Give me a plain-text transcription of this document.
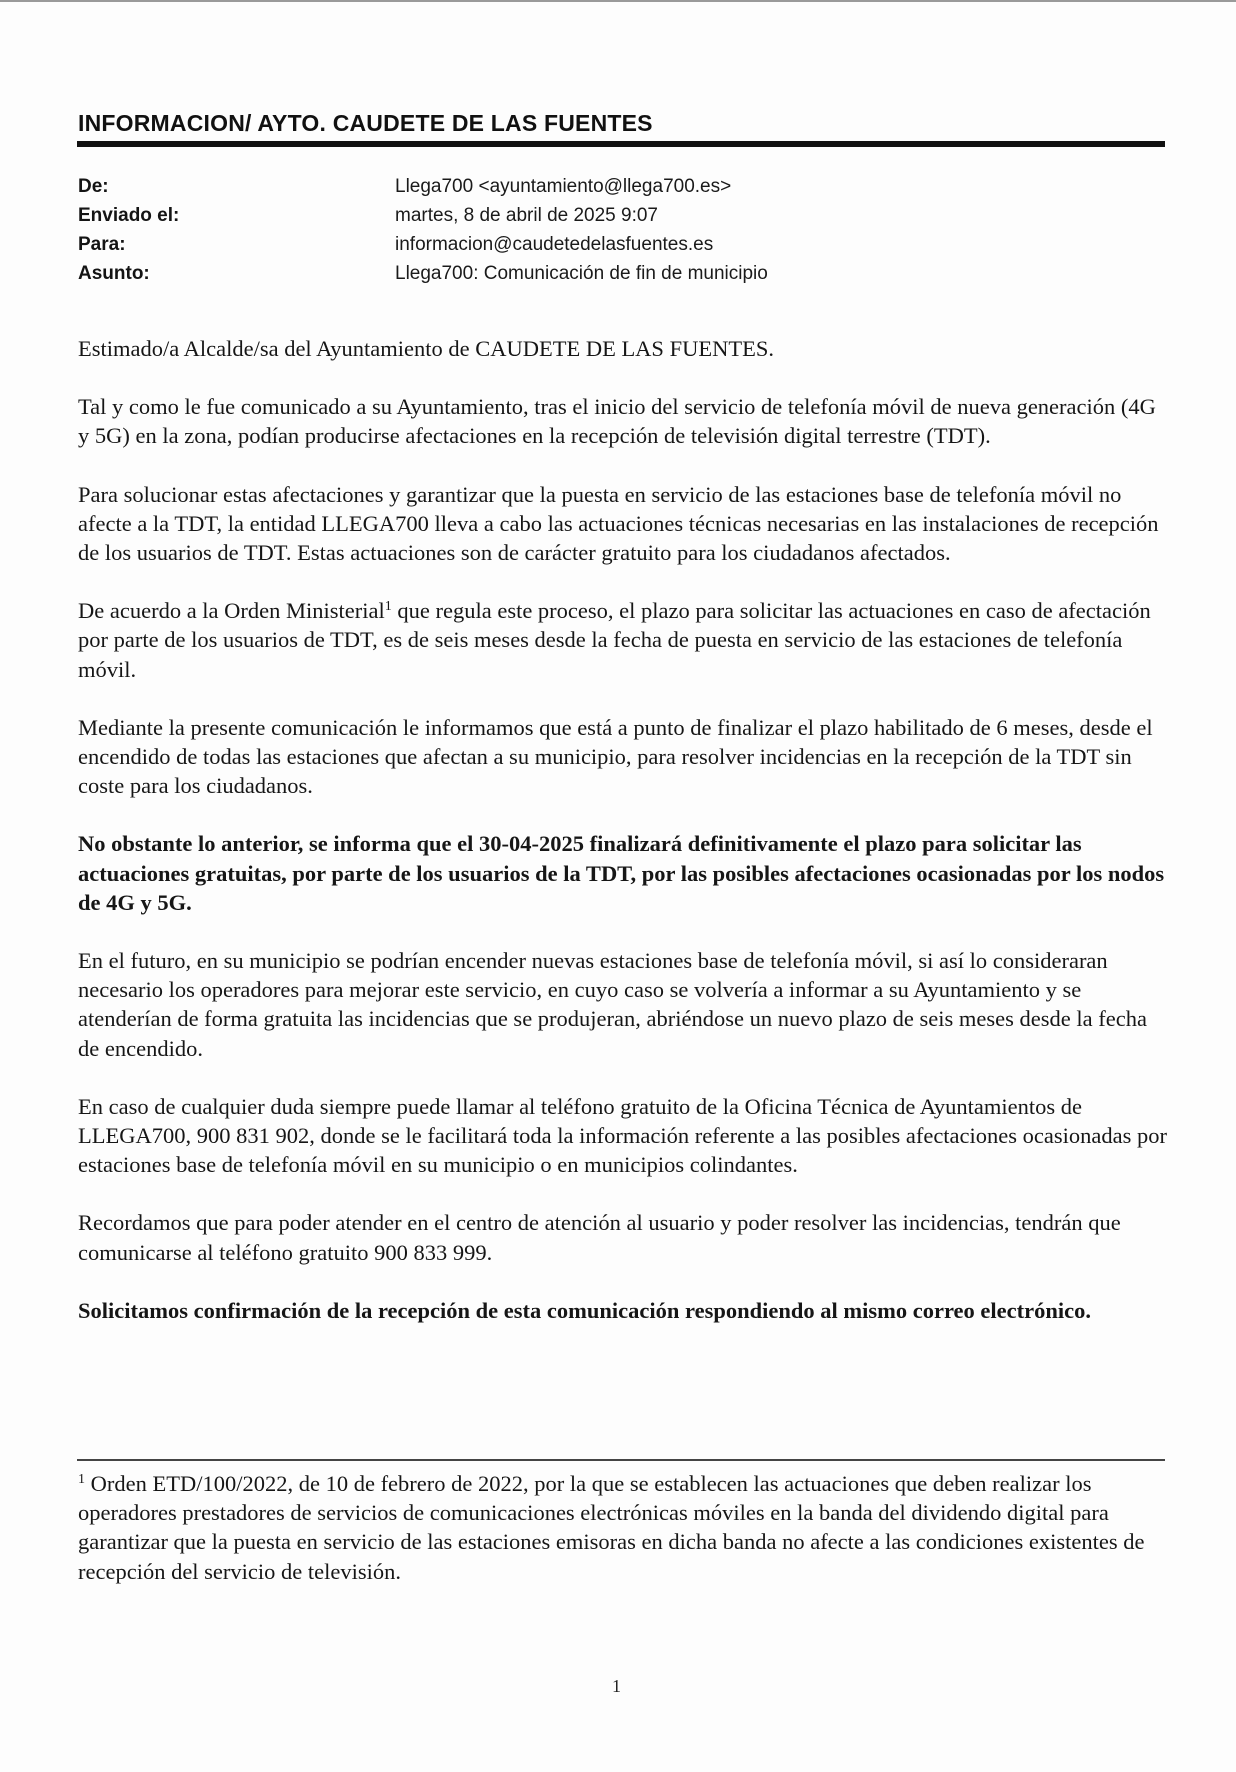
INFORMACION/ AYTO. CAUDETE DE LAS FUENTES
De:	Llega700 <ayuntamiento@llega700.es>
Enviado el:	martes, 8 de abril de 2025 9:07
Para:	informacion@caudetedelasfuentes.es
Asunto:	Llega700: Comunicación de fin de municipio

Estimado/a Alcalde/sa del Ayuntamiento de CAUDETE DE LAS FUENTES.

Tal y como le fue comunicado a su Ayuntamiento, tras el inicio del servicio de telefonía móvil de nueva generación (4G y 5G) en la zona, podían producirse afectaciones en la recepción de televisión digital terrestre (TDT).

Para solucionar estas afectaciones y garantizar que la puesta en servicio de las estaciones base de telefonía móvil no afecte a la TDT, la entidad LLEGA700 lleva a cabo las actuaciones técnicas necesarias en las instalaciones de recepción de los usuarios de TDT. Estas actuaciones son de carácter gratuito para los ciudadanos afectados.

De acuerdo a la Orden Ministerial$^1$ que regula este proceso, el plazo para solicitar las actuaciones en caso de afectación por parte de los usuarios de TDT, es de seis meses desde la fecha de puesta en servicio de las estaciones de telefonía móvil.

Mediante la presente comunicación le informamos que está a punto de finalizar el plazo habilitado de 6 meses, desde el encendido de todas las estaciones que afectan a su municipio, para resolver incidencias en la recepción de la TDT sin coste para los ciudadanos.

No obstante lo anterior, se informa que el 30-04-2025 finalizará definitivamente el plazo para solicitar las actuaciones gratuitas, por parte de los usuarios de la TDT, por las posibles afectaciones ocasionadas por los nodos de 4G y 5G.

En el futuro, en su municipio se podrían encender nuevas estaciones base de telefonía móvil, si así lo consideraran necesario los operadores para mejorar este servicio, en cuyo caso se volvería a informar a su Ayuntamiento y se atenderían de forma gratuita las incidencias que se produjeran, abriéndose un nuevo plazo de seis meses desde la fecha de encendido.

En caso de cualquier duda siempre puede llamar al teléfono gratuito de la Oficina Técnica de Ayuntamientos de LLEGA700, 900 831 902, donde se le facilitará toda la información referente a las posibles afectaciones ocasionadas por estaciones base de telefonía móvil en su municipio o en municipios colindantes.

Recordamos que para poder atender en el centro de atención al usuario y poder resolver las incidencias, tendrán que comunicarse al teléfono gratuito 900 833 999.

Solicitamos confirmación de la recepción de esta comunicación respondiendo al mismo correo electrónico.

$^1$ Orden ETD/100/2022, de 10 de febrero de 2022, por la que se establecen las actuaciones que deben realizar los operadores prestadores de servicios de comunicaciones electrónicas móviles en la banda del dividendo digital para garantizar que la puesta en servicio de las estaciones emisoras en dicha banda no afecte a las condiciones existentes de recepción del servicio de televisión.
1
